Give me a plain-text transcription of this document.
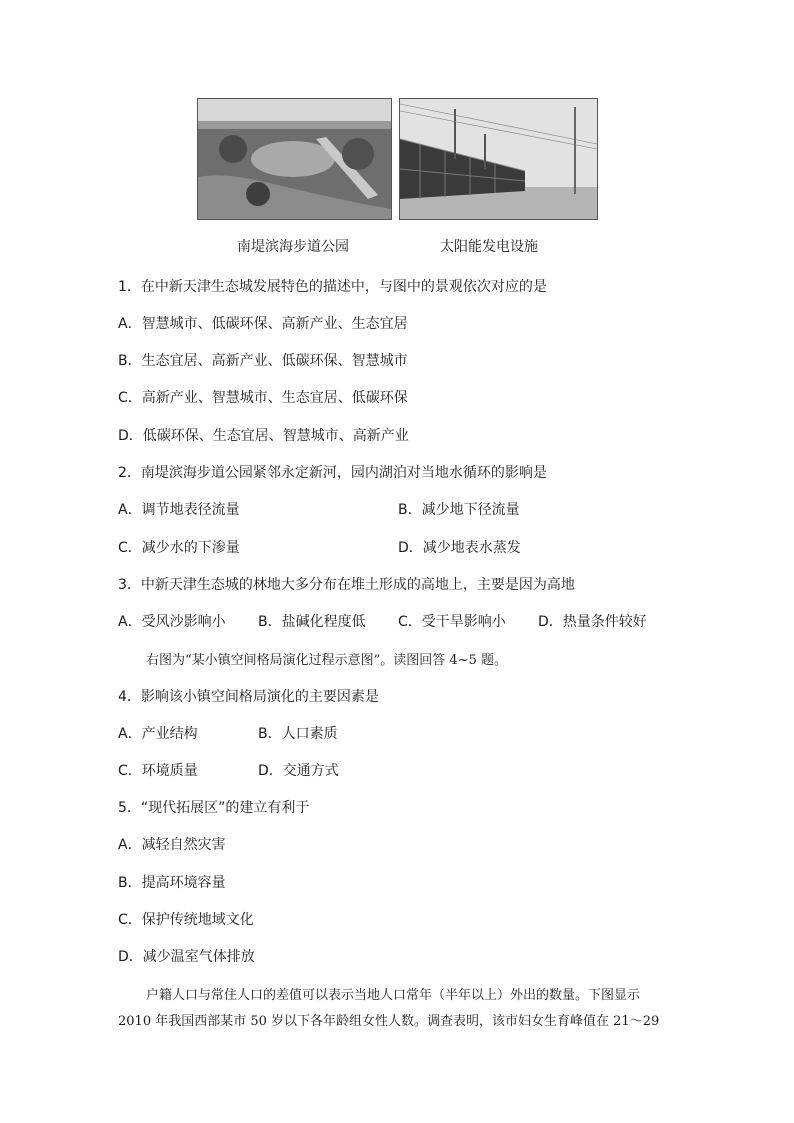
南堤滨海步道公园	太阳能发电设施
1．在中新天津生态城发展特色的描述中，与图中的景观依次对应的是
A．智慧城市、低碳环保、高新产业、生态宜居
B．生态宜居、高新产业、低碳环保、智慧城市
C．高新产业、智慧城市、生态宜居、低碳环保
D．低碳环保、生态宜居、智慧城市、高新产业
2．南堤滨海步道公园紧邻永定新河，园内湖泊对当地水循环的影响是
A．调节地表径流量	B．减少地下径流量
C．减少水的下渗量	D．减少地表水蒸发
3．中新天津生态城的林地大多分布在堆土形成的高地上，主要是因为高地
A．受风沙影响小 B．盐碱化程度低 C．受干旱影响小 D．热量条件较好
右图为“某小镇空间格局演化过程示意图”。读图回答 4~5 题。
4．影响该小镇空间格局演化的主要因素是
A．产业结构	B．人口素质
C．环境质量	D．交通方式
5．“现代拓展区”的建立有利于
A．减轻自然灾害
B．提高环境容量
C．保护传统地域文化
D．减少温室气体排放
户籍人口与常住人口的差值可以表示当地人口常年（半年以上）外出的数量。下图显示
2010 年我国西部某市 50 岁以下各年龄组女性人数。调查表明，该市妇女生育峰值在 21～29
